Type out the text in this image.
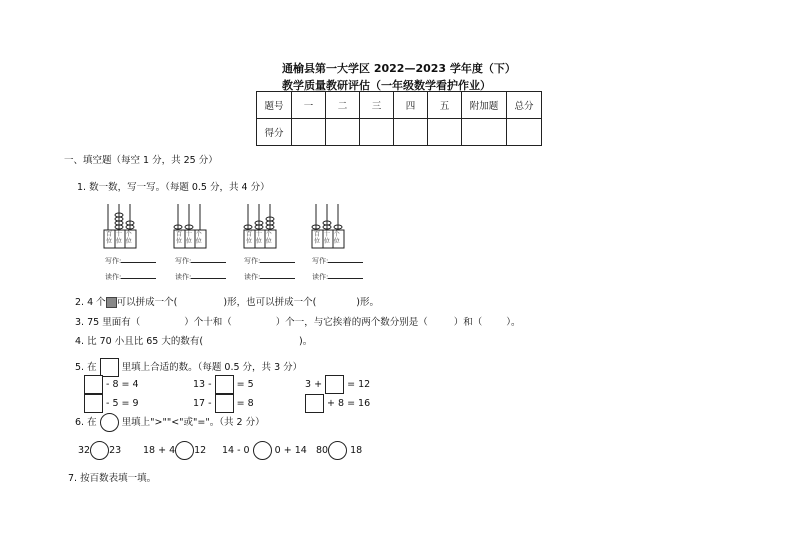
通榆县第一大学区 2022—2023 学年度（下）
教学质量教研评估（一年级数学看护作业）
题号	一	二	三	四	五	附加题	总分
得分							
一、填空题（每空 1 分，共 25 分）
1. 数一数，写一写。（每题 0.5 分，共 4 分）
百 十 个
位 位 位
百 十 个
位 位 位
百 十 个
位 位 位
百 十 个
位 位 位
写作:	写作:	写作:	写作:
读作:	读作:	读作:	读作:
2. 4 个 可以拼成一个(	)形，也可以拼成一个(	)形。
3. 75 里面有（	）个十和（	）个一，与它挨着的两个数分别是（	）和（	）。
4. 比 70 小且比 65 大的数有(	)。
5. 在	里填上合适的数。（每题 0.5 分，共 3 分）
- 8 = 4	13 -	= 5	3 +	= 12
- 5 = 9	17 -	= 8	+ 8 = 16
6. 在	里填上">""<"或"="。（共 2 分）
32 23 18 + 4 12 14 - 0	0 + 14 80 18
7. 按百数表填一填。
